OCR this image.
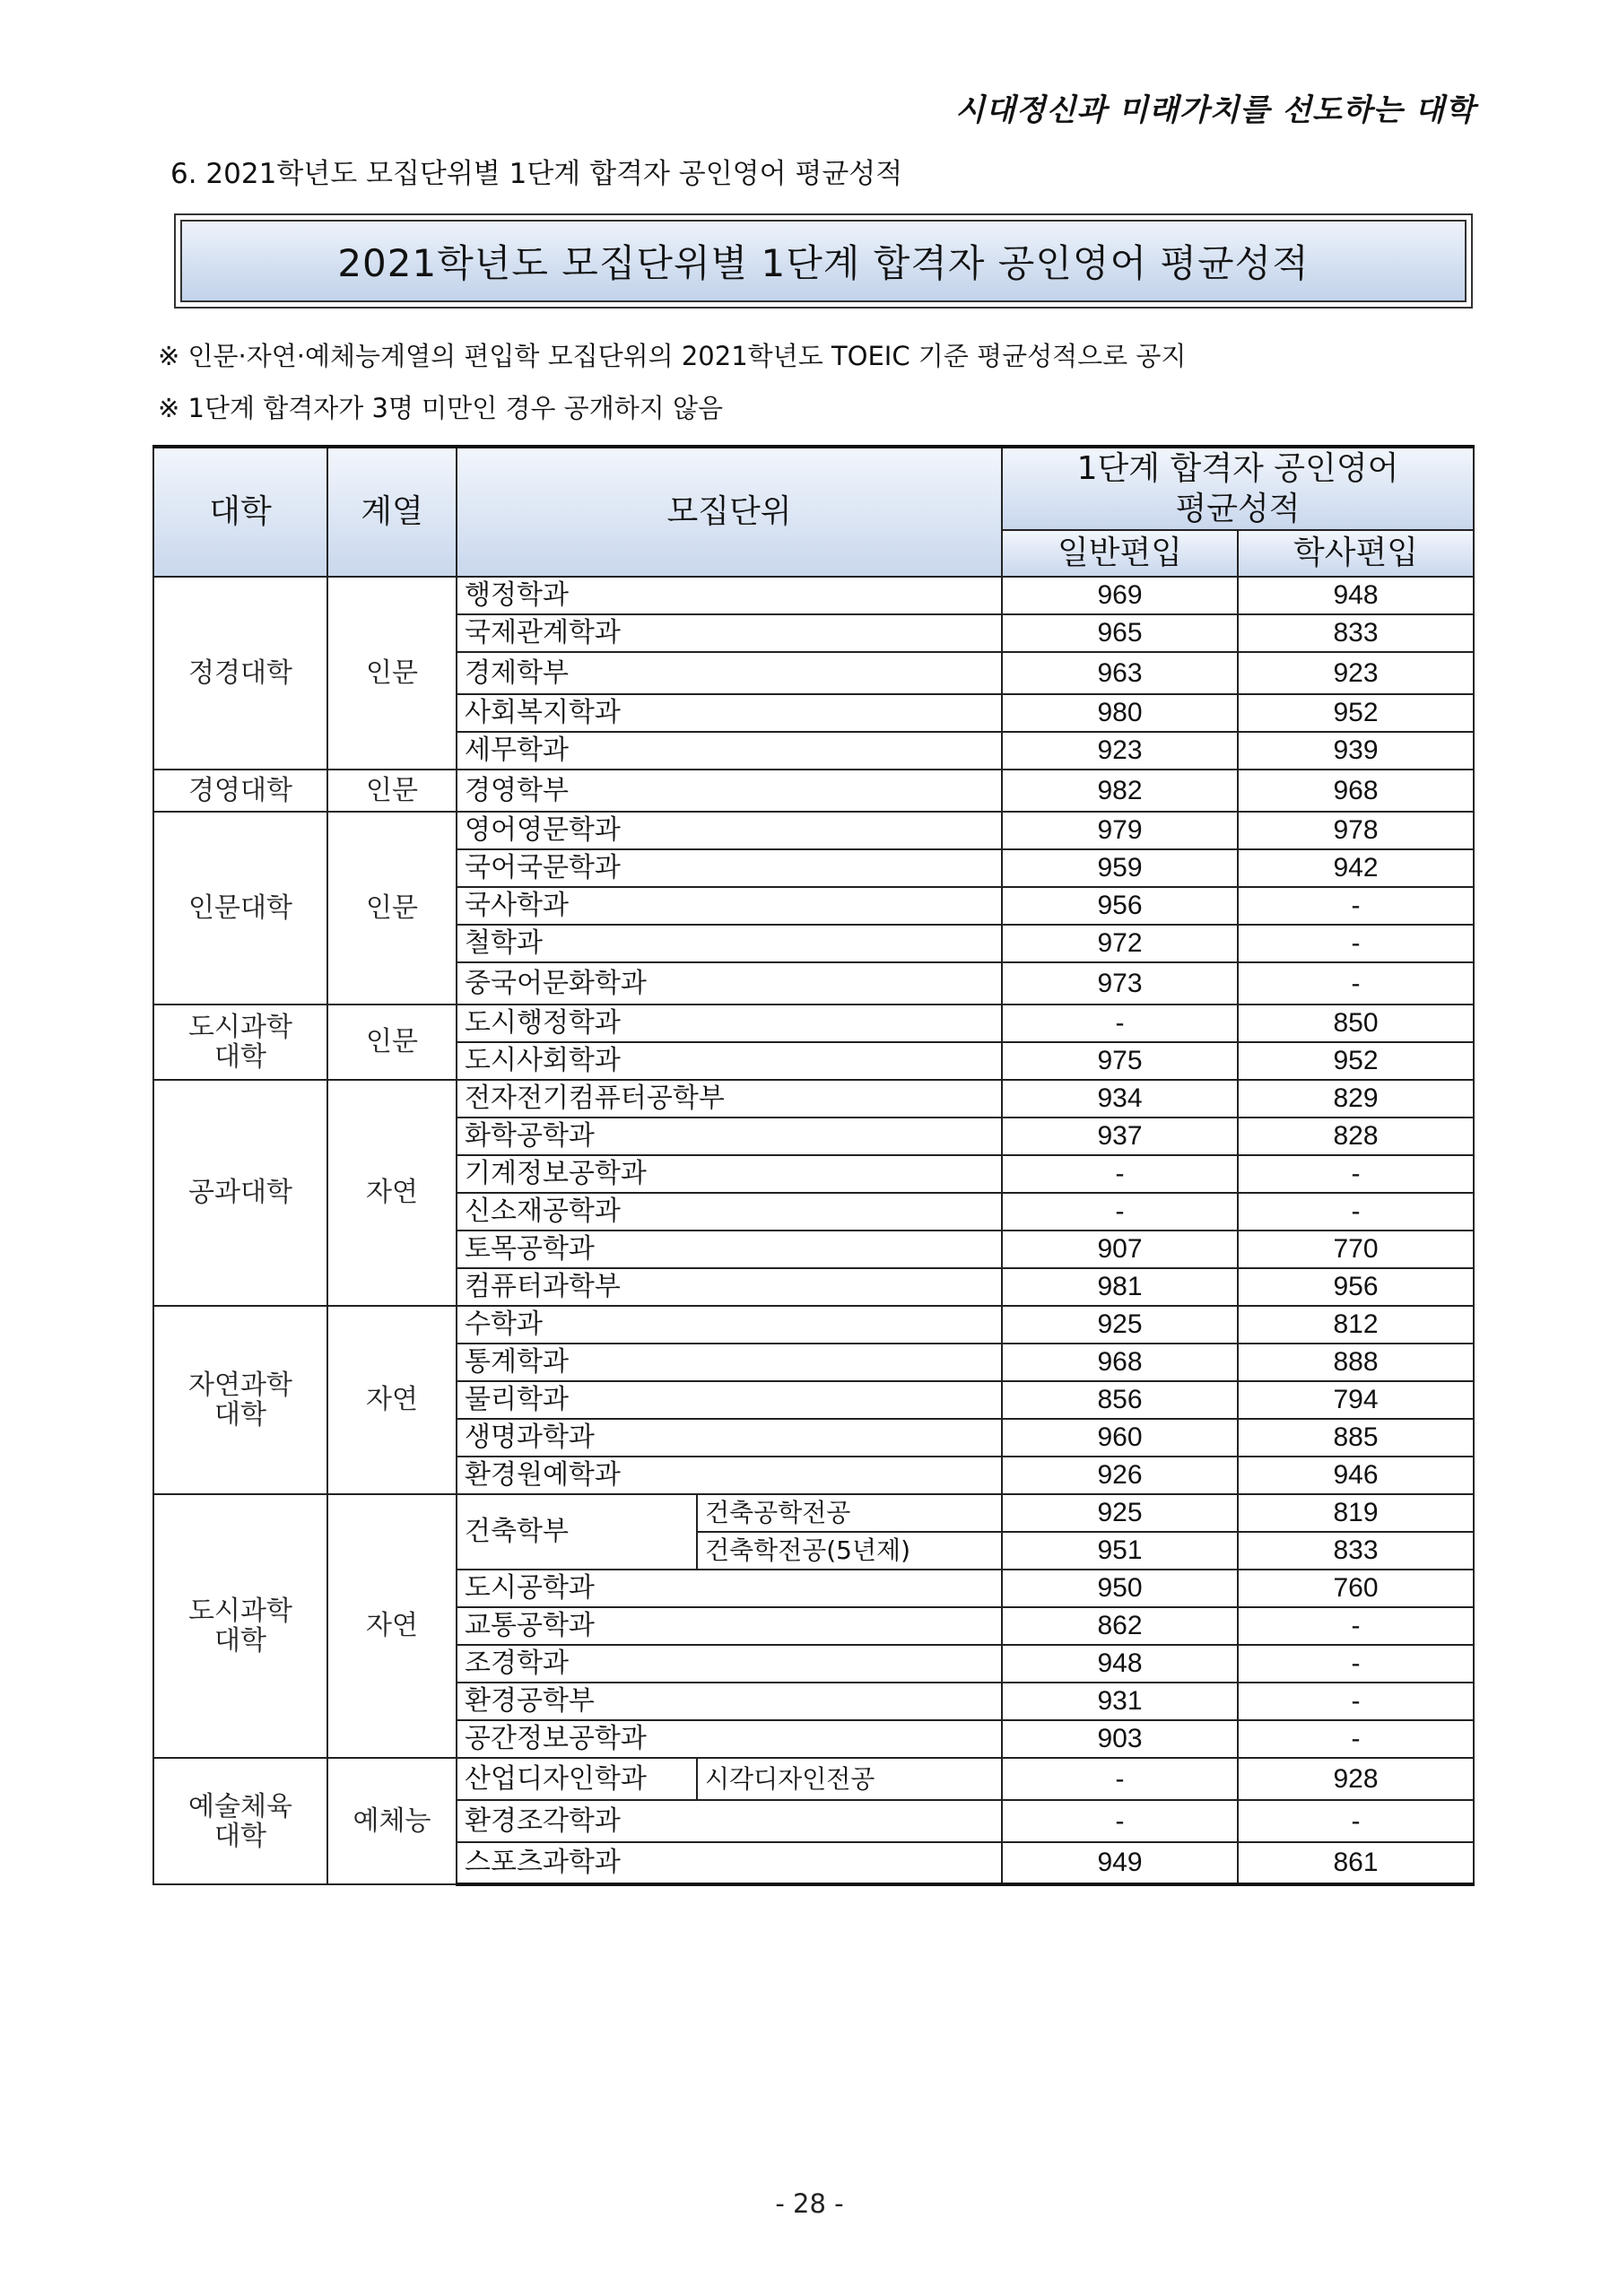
시대정신과 미래가치를 선도하는 대학
6. 2021학년도 모집단위별 1단계 합격자 공인영어 평균성적
2021학년도 모집단위별 1단계 합격자 공인영어 평균성적
※ 인문·자연·예체능계열의 편입학 모집단위의 2021학년도 TOEIC 기준 평균성적으로 공지
※ 1단계 합격자가 3명 미만인 경우 공개하지 않음
대학	계열	모집단위		1단계 합격자 공인영어
평균성적	
				일반편입	학사편입
정경대학	인문	행정학과		969	948
		국제관계학과		965	833
		경제학부		963	923
		사회복지학과		980	952
		세무학과		923	939
경영대학	인문	경영학부		982	968
인문대학	인문	영어영문학과		979	978
		국어국문학과		959	942
		국사학과		956	-
		철학과		972	-
		중국어문화학과		973	-
도시과학
대학	인문	도시행정학과		-	850
		도시사회학과		975	952
공과대학	자연	전자전기컴퓨터공학부		934	829
		화학공학과		937	828
		기계정보공학과		-	-
		신소재공학과		-	-
		토목공학과		907	770
		컴퓨터과학부		981	956
자연과학
대학	자연	수학과		925	812
		통계학과		968	888
		물리학과		856	794
		생명과학과		960	885
		환경원예학과		926	946
도시과학
대학	자연	건축학부	건축공학전공	925	819
			건축학전공(5년제)	951	833
		도시공학과		950	760
		교통공학과		862	-
		조경학과		948	-
		환경공학부		931	-
		공간정보공학과		903	-
예술체육
대학	예체능	산업디자인학과	시각디자인전공	-	928
		환경조각학과		-	-
		스포츠과학과		949	861
- 28 -
